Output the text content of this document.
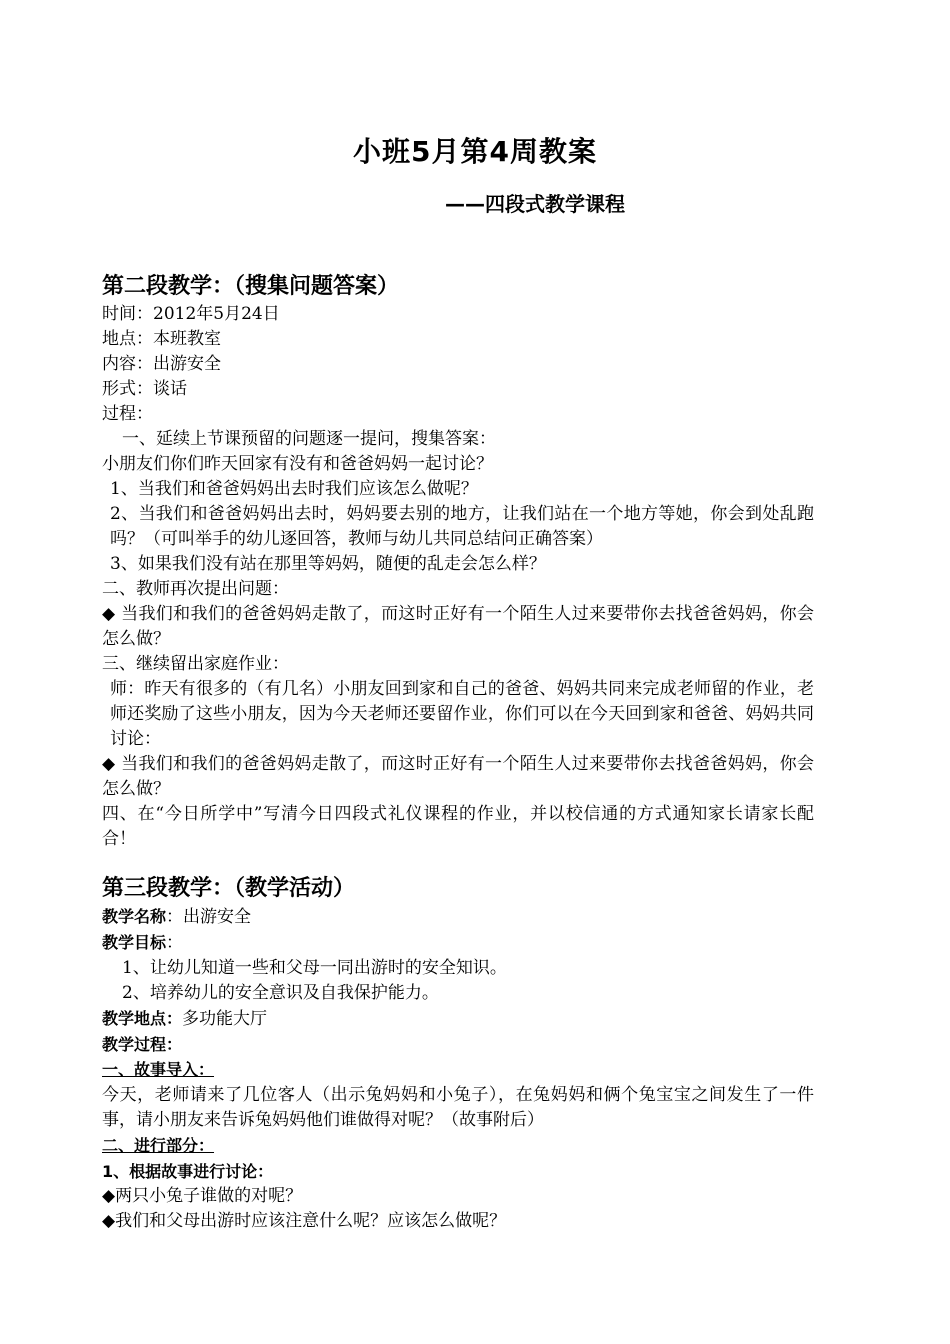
小班5月第4周教案
——四段式教学课程
第二段教学：（搜集问题答案）
时间：2012年5月24日
地点：本班教室
内容：出游安全
形式：谈话
过程：
一、延续上节课预留的问题逐一提问，搜集答案：
小朋友们你们昨天回家有没有和爸爸妈妈一起讨论？
1、当我们和爸爸妈妈出去时我们应该怎么做呢？
2、当我们和爸爸妈妈出去时，妈妈要去别的地方，让我们站在一个地方等她，你会到处乱跑吗？（可叫举手的幼儿逐回答，教师与幼儿共同总结问正确答案）
3、如果我们没有站在那里等妈妈，随便的乱走会怎么样？
二、教师再次提出问题：
◆ 当我们和我们的爸爸妈妈走散了，而这时正好有一个陌生人过来要带你去找爸爸妈妈，你会怎么做？
三、继续留出家庭作业：
师：昨天有很多的（有几名）小朋友回到家和自己的爸爸、妈妈共同来完成老师留的作业，老师还奖励了这些小朋友，因为今天老师还要留作业，你们可以在今天回到家和爸爸、妈妈共同讨论：
◆ 当我们和我们的爸爸妈妈走散了，而这时正好有一个陌生人过来要带你去找爸爸妈妈，你会怎么做？
四、在“今日所学中”写清今日四段式礼仪课程的作业，并以校信通的方式通知家长请家长配合！
第三段教学：（教学活动）
教学名称：出游安全
教学目标：
1、让幼儿知道一些和父母一同出游时的安全知识。
2、培养幼儿的安全意识及自我保护能力。
教学地点：多功能大厅
教学过程：
一、故事导入：
今天，老师请来了几位客人（出示兔妈妈和小兔子），在兔妈妈和俩个兔宝宝之间发生了一件事，请小朋友来告诉兔妈妈他们谁做得对呢？（故事附后）
二、进行部分：
1、根据故事进行讨论：
◆两只小兔子谁做的对呢？
◆我们和父母出游时应该注意什么呢？应该怎么做呢？
